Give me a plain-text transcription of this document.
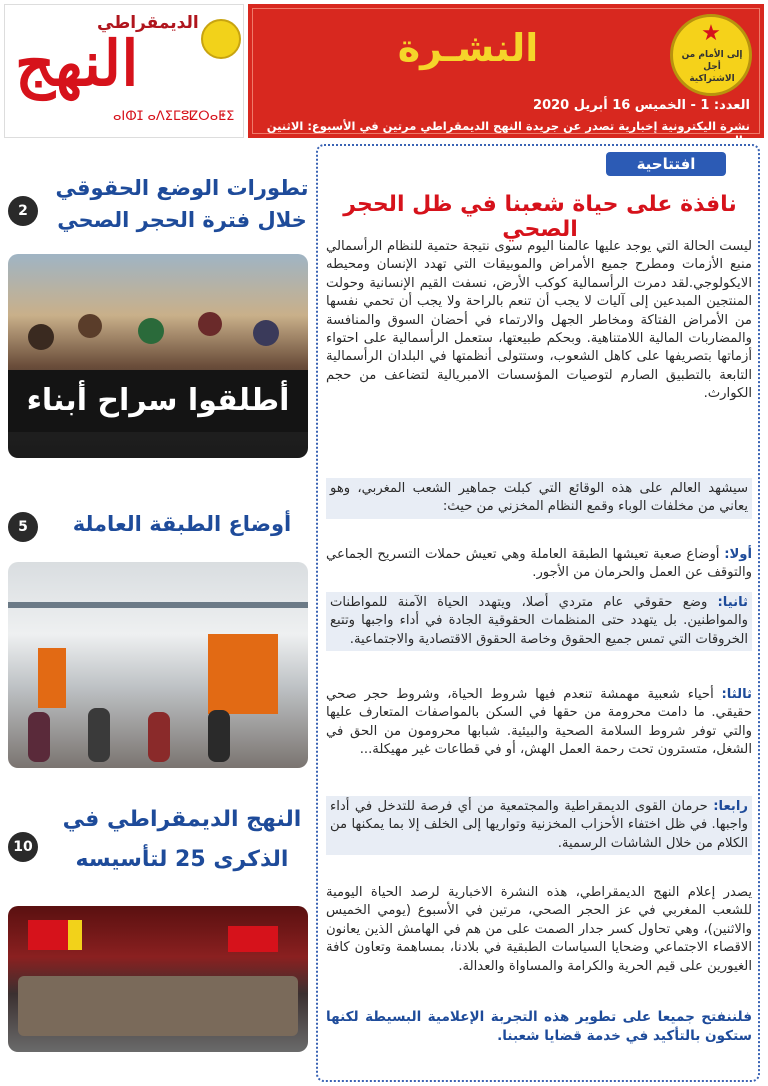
الديمقراطي
النهج
ⴰⵏⵀⵊ ⴰⴷⵉⵎⵓⵇⵔⴰⵟⵉ
النشـرة	★
إلى الأمام من أجل الاشتراكية
العدد: 1 - الخميس 16 أبريل 2020
نشرة اليكترونية إخبارية تصدر عن جريدة النهج الديمقراطي مرتين في الأسبوع: الاثنين والخميس
2
تطورات الوضع الحقوقي خلال فترة الحجر الصحي
أطلقوا سراح أبناء
5	أوضاع الطبقة العاملة
10
النهج الديمقراطي في الذكرى 25 لتأسيسه
افتتاحية
نافذة على حياة شعبنا في ظل الحجر الصحي
ليست الحالة التي يوجد عليها عالمنا اليوم سوى نتيجة حتمية للنظام الرأسمالي منبع الأزمات ومطرح جميع الأمراض والموبيقات التي تهدد الإنسان ومحيطه الايكولوجي.لقد دمرت الرأسمالية كوكب الأرض، نسفت القيم الإنسانية وحولت المنتجين المبدعين إلى آليات لا يجب أن تنعم بالراحة ولا يجب أن تحمي نفسها من الأمراض الفتاكة ومخاطر الجهل والارتماء في أحضان السوق والمنافسة والمضاربات المالية اللامتناهية. وبحكم طبيعتها، ستعمل الرأسمالية على احتواء أزماتها بتصريفها على كاهل الشعوب، وستتولى أنظمتها في البلدان الرأسمالية التابعة بالتطبيق الصارم لتوصيات المؤسسات الامبريالية لتضاعف من حجم الكوارث.
سيشهد العالم على هذه الوقائع التي كبلت جماهير الشعب المغربي، وهو يعاني من مخلفات الوباء وقمع النظام المخزني من حيث:
أولا: أوضاع صعبة تعيشها الطبقة العاملة وهي تعيش حملات التسريح الجماعي والتوقف عن العمل والحرمان من الأجور.
ثانيا: وضع حقوقي عام متردي أصلا، ويتهدد الحياة الآمنة للمواطنات والمواطنين. بل يتهدد حتى المنظمات الحقوقية الجادة في أداء واجبها وتتبع الخروقات التي تمس جميع الحقوق وخاصة الحقوق الاقتصادية والاجتماعية.
ثالثا: أحياء شعبية مهمشة تنعدم فيها شروط الحياة، وشروط حجر صحي حقيقي. ما دامت محرومة من حقها في السكن بالمواصفات المتعارف عليها والتي توفر شروط السلامة الصحية والبيئية. شبابها محرومون من الحق في الشغل، متسترون تحت رحمة العمل الهش، أو في قطاعات غير مهيكلة...
رابعا: حرمان القوى الديمقراطية والمجتمعية من أي فرصة للتدخل في أداء واجبها. في ظل اختفاء الأحزاب المخزنية وتواريها إلى الخلف إلا بما يمكنها من الكلام من خلال الشاشات الرسمية.
يصدر إعلام النهج الديمقراطي، هذه النشرة الاخبارية لرصد الحياة اليومية للشعب المغربي في عز الحجر الصحي، مرتين في الأسبوع (يومي الخميس والاثنين)، وهي تحاول كسر جدار الصمت على من هم في الهامش الذين يعانون الاقصاء الاجتماعي وضحايا السياسات الطبقية في بلادنا، بمساهمة وتعاون كافة الغيورين على قيم الحرية والكرامة والمساواة والعدالة.
فلننفتح جميعا على تطوير هذه التجربة الإعلامية البسيطة لكنها ستكون بالتأكيد في خدمة قضايا شعبنا.
